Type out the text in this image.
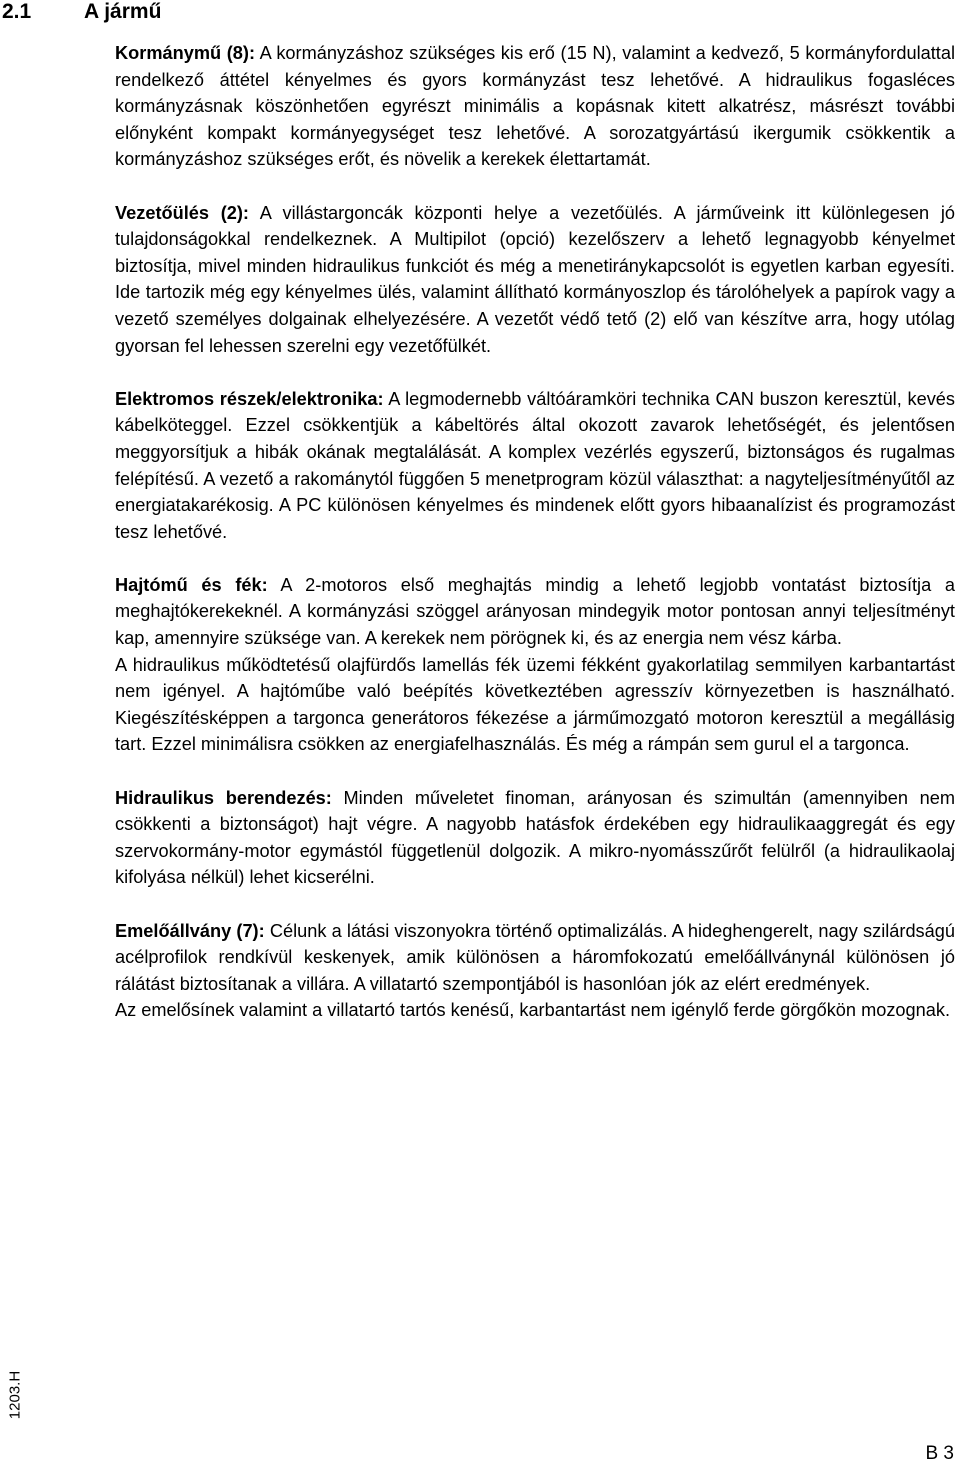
2.1	A jármű

Kormánymű (8): A kormányzáshoz szükséges kis erő (15 N), valamint a kedvező, 5 kormányfordulattal rendelkező áttétel kényelmes és gyors kormányzást tesz lehetővé. A hidraulikus fogasléces kormányzásnak köszönhetően egyrészt minimális a kopásnak kitett alkatrész, másrészt további előnyként kompakt kormányegységet tesz lehetővé. A sorozatgyártású ikergumik csökkentik a kormányzáshoz szükséges erőt, és növelik a kerekek élettartamát.

Vezetőülés (2): A villástargoncák központi helye a vezetőülés. A járműveink itt különlegesen jó tulajdonságokkal rendelkeznek. A Multipilot (opció) kezelőszerv a lehető legnagyobb kényelmet biztosítja, mivel minden hidraulikus funkciót és még a menetiránykapcsolót is egyetlen karban egyesíti. Ide tartozik még egy kényelmes ülés, valamint állítható kormányoszlop és tárolóhelyek a papírok vagy a vezető személyes dolgainak elhelyezésére. A vezetőt védő tető (2) elő van készítve arra, hogy utólag gyorsan fel lehessen szerelni egy vezetőfülkét.

Elektromos részek/elektronika: A legmodernebb váltóáramköri technika CAN buszon keresztül, kevés kábelköteggel. Ezzel csökkentjük a kábeltörés által okozott zavarok lehetőségét, és jelentősen meggyorsítjuk a hibák okának megtalálását. A komplex vezérlés egyszerű, biztonságos és rugalmas felépítésű. A vezető a rakománytól függően 5 menetprogram közül választhat: a nagyteljesítményűtől az energiatakarékosig. A PC különösen kényelmes és mindenek előtt gyors hibaanalízist és programozást tesz lehetővé.

Hajtómű és fék: A 2-motoros első meghajtás mindig a lehető legjobb vontatást biztosítja a meghajtókerekeknél. A kormányzási szöggel arányosan mindegyik motor pontosan annyi teljesítményt kap, amennyire szüksége van. A kerekek nem pörögnek ki, és az energia nem vész kárba.

A hidraulikus működtetésű olajfürdős lamellás fék üzemi fékként gyakorlatilag semmilyen karbantartást nem igényel. A hajtóműbe való beépítés következtében agresszív környezetben is használható. Kiegészítésképpen a targonca generátoros fékezése a járműmozgató motoron keresztül a megállásig tart. Ezzel minimálisra csökken az energiafelhasználás. És még a rámpán sem gurul el a targonca.

Hidraulikus berendezés: Minden műveletet finoman, arányosan és szimultán (amennyiben nem csökkenti a biztonságot) hajt végre. A nagyobb hatásfok érdekében egy hidraulikaaggregát és egy szervokormány-motor egymástól függetlenül dolgozik. A mikro-nyomásszűrőt felülről (a hidraulikaolaj kifolyása nélkül) lehet kicserélni.

Emelőállvány (7): Célunk a látási viszonyokra történő optimalizálás. A hideghengerelt, nagy szilárdságú acélprofilok rendkívül keskenyek, amik különösen a háromfokozatú emelőállványnál különösen jó rálátást biztosítanak a villára. A villatartó szempontjából is hasonlóan jók az elért eredmények.

Az emelősínek valamint a villatartó tartós kenésű, karbantartást nem igénylő ferde görgőkön mozognak.

1203.H
B 3
